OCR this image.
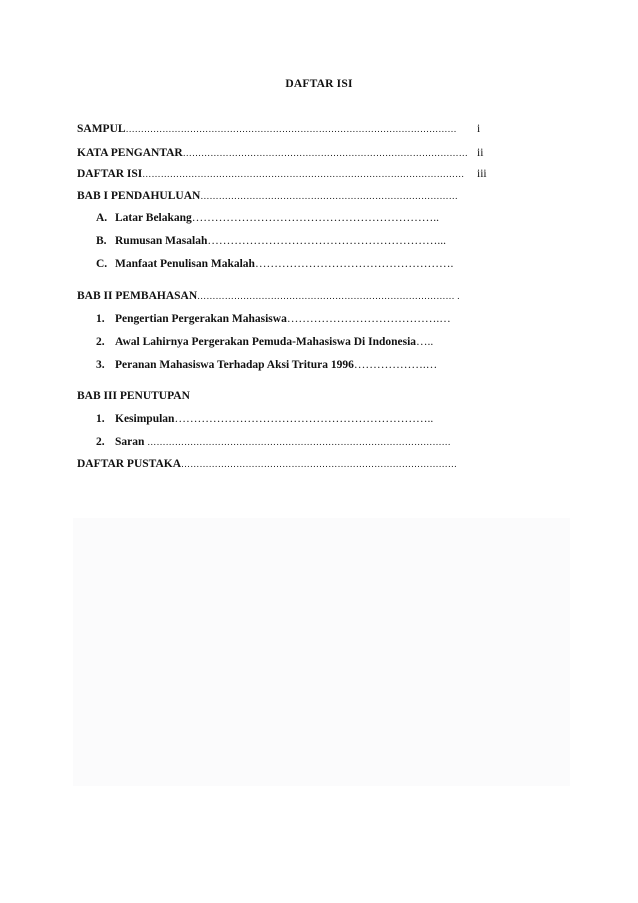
DAFTAR ISI
SAMPUL……………………………………………………………………………………………… i
KATA PENGANTAR………………………………………………………………………………… ii
DAFTAR ISI…………………………………………………………………………………………… iii
BAB I PENDAHULUAN…………………………………………………………………………
A. Latar Belakang………………………………………………………..
B. Rumusan Masalah……………………………………………………...
C. Manfaat Penulisan Makalah…………………………………………….
BAB II PEMBAHASAN………………………………………………………………………… .
1. Pengertian Pergerakan Mahasiswa………………………………….…
2. Awal Lahirnya Pergerakan Pemuda-Mahasiswa Di Indonesia…..
3. Peranan Mahasiswa Terhadap Aksi Tritura 1996……………….…
BAB III PENUTUPAN
1. Kesimpulan…………………………………………………………..
2. Saran ………………………………………………………………………………………
DAFTAR PUSTAKA………………………………………………………………………………
